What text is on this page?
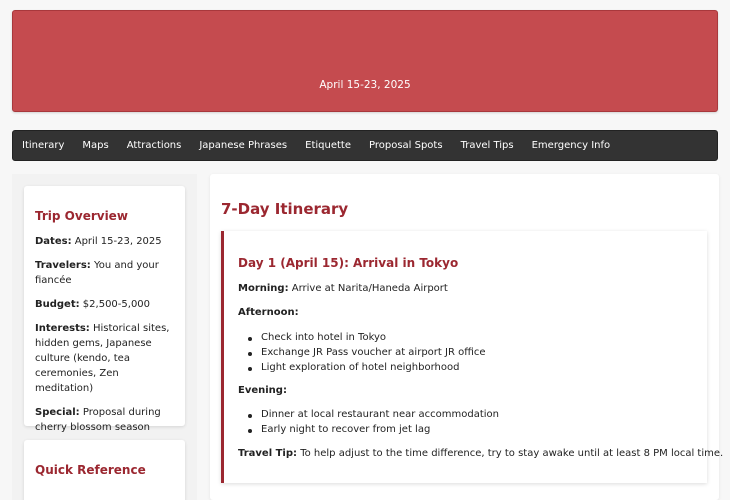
April 15-23, 2025
Itinerary Maps Attractions Japanese Phrases Etiquette Proposal Spots Travel Tips Emergency Info
Trip Overview
Dates: April 15-23, 2025
Travelers: You and your fiancée
Budget: $2,500-5,000
Interests: Historical sites, hidden gems, Japanese culture (kendo, tea ceremonies, Zen meditation)
Special: Proposal during cherry blossom season
Quick Reference
7-Day Itinerary
Day 1 (April 15): Arrival in Tokyo
Morning: Arrive at Narita/Haneda Airport
Afternoon:
Check into hotel in Tokyo
Exchange JR Pass voucher at airport JR office
Light exploration of hotel neighborhood
Evening:
Dinner at local restaurant near accommodation
Early night to recover from jet lag
Travel Tip: To help adjust to the time difference, try to stay awake until at least 8 PM local time.
